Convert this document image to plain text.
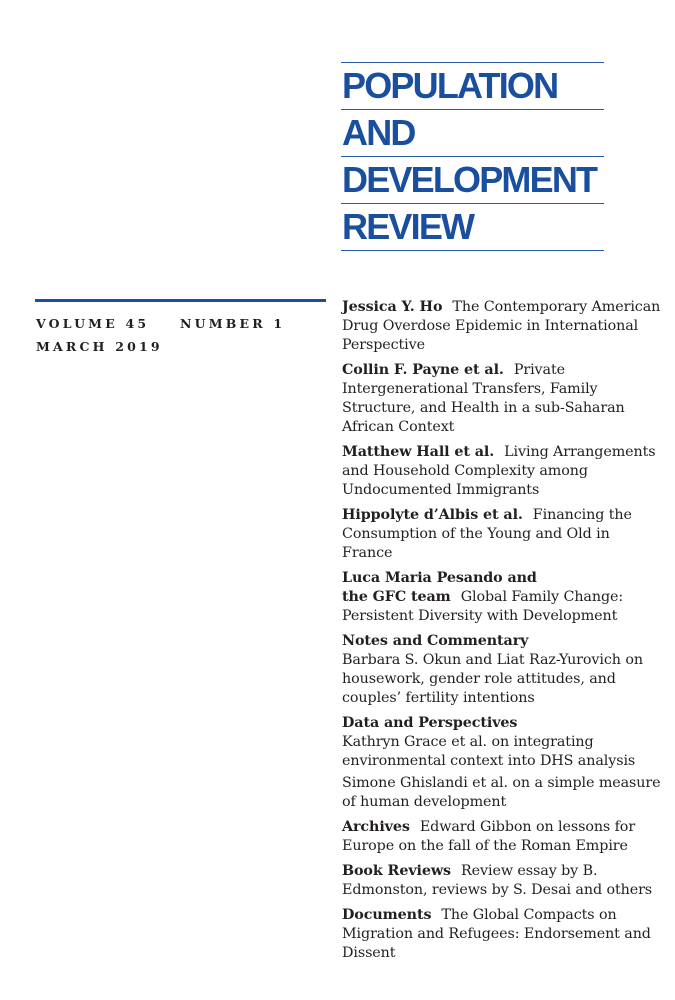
POPULATION
AND
DEVELOPMENT
REVIEW
VOLUME 45 NUMBER 1
MARCH 2019
Jessica Y. Ho The Contemporary American Drug Overdose Epidemic in International Perspective
Collin F. Payne et al. Private Intergenerational Transfers, Family Structure, and Health in a sub-Saharan African Context
Matthew Hall et al. Living Arrangements and Household Complexity among Undocumented Immigrants
Hippolyte d’Albis et al. Financing the Consumption of the Young and Old in France
Luca Maria Pesando and
the GFC team Global Family Change: Persistent Diversity with Development
Notes and Commentary
Barbara S. Okun and Liat Raz-Yurovich on housework, gender role attitudes, and couples’ fertility intentions
Data and Perspectives
Kathryn Grace et al. on integrating environmental context into DHS analysis
Simone Ghislandi et al. on a simple measure of human development
Archives Edward Gibbon on lessons for Europe on the fall of the Roman Empire
Book Reviews Review essay by B. Edmonston, reviews by S. Desai and others
Documents The Global Compacts on Migration and Refugees: Endorsement and Dissent
